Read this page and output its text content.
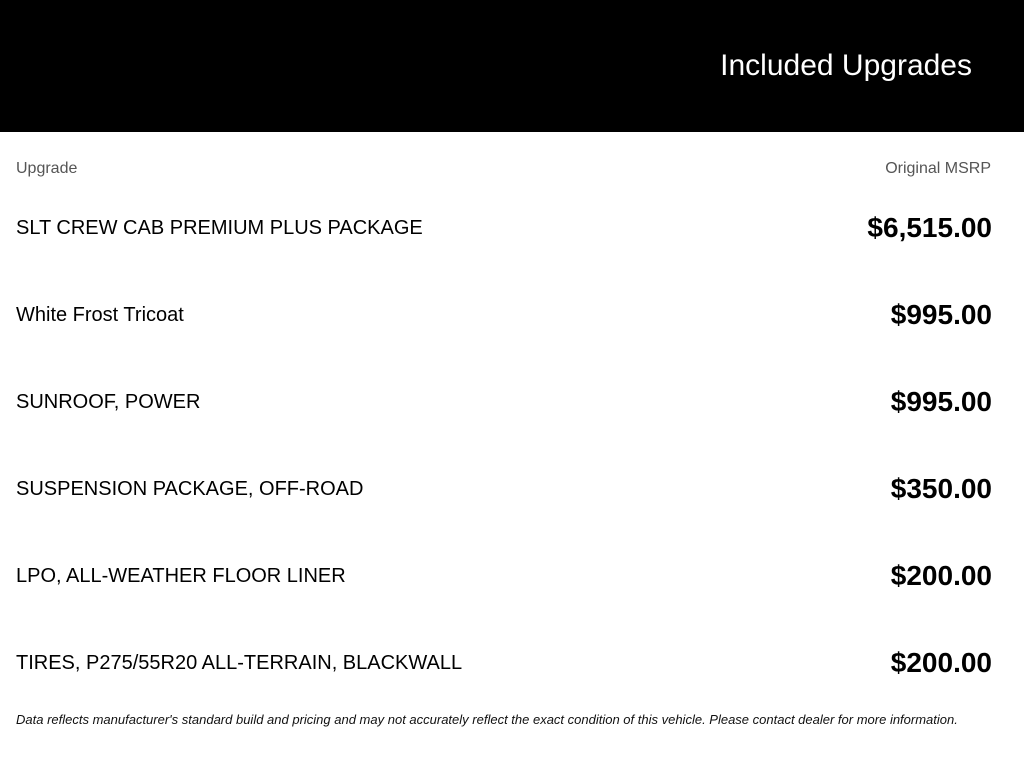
Included Upgrades
Upgrade	Original MSRP
SLT CREW CAB PREMIUM PLUS PACKAGE	$6,515.00
White Frost Tricoat	$995.00
SUNROOF, POWER	$995.00
SUSPENSION PACKAGE, OFF-ROAD	$350.00
LPO, ALL-WEATHER FLOOR LINER	$200.00
TIRES, P275/55R20 ALL-TERRAIN, BLACKWALL	$200.00
Data reflects manufacturer's standard build and pricing and may not accurately reflect the exact condition of this vehicle. Please contact dealer for more information.
